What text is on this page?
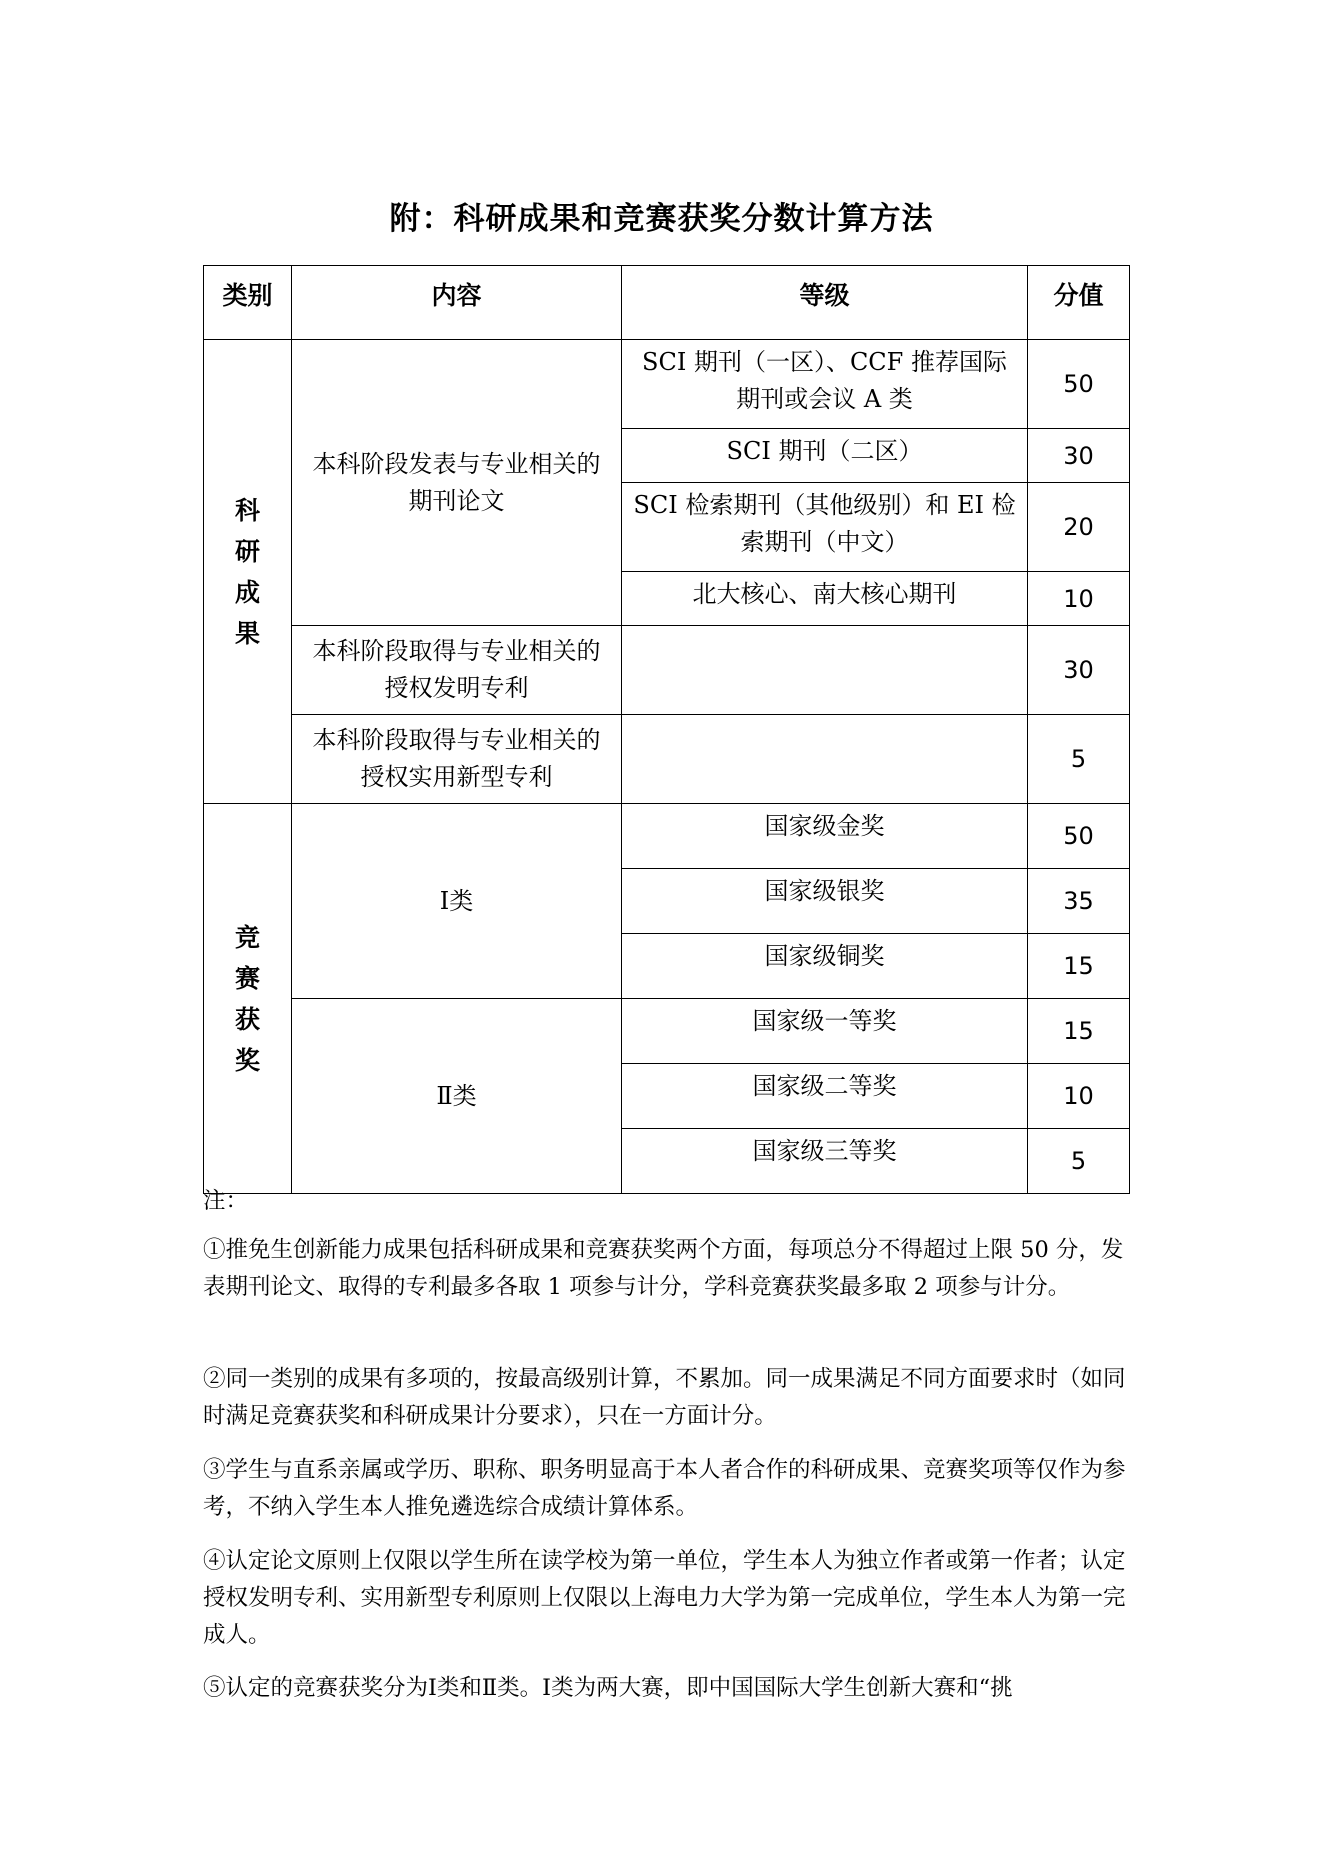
附：科研成果和竞赛获奖分数计算方法
类别	内容	等级	分值

科
研
成
果	本科阶段发表与专业相关的期刊论文	SCI 期刊（一区）、CCF 推荐国际期刊或会议 A 类	50
		SCI 期刊（二区）	30
		SCI 检索期刊（其他级别）和 EI 检索期刊（中文）	20
		北大核心、南大核心期刊	10
	本科阶段取得与专业相关的授权发明专利		30
	本科阶段取得与专业相关的授权实用新型专利		5

竞
赛
获
奖	Ⅰ类	国家级金奖	50
		国家级银奖	35
		国家级铜奖	15
	Ⅱ类	国家级一等奖	15
		国家级二等奖	10
		国家级三等奖	5
注：
①推免生创新能力成果包括科研成果和竞赛获奖两个方面，每项总分不得超过上限 50 分，发表期刊论文、取得的专利最多各取 1 项参与计分，学科竞赛获奖最多取 2 项参与计分。
②同一类别的成果有多项的，按最高级别计算，不累加。同一成果满足不同方面要求时（如同时满足竞赛获奖和科研成果计分要求），只在一方面计分。
③学生与直系亲属或学历、职称、职务明显高于本人者合作的科研成果、竞赛奖项等仅作为参考，不纳入学生本人推免遴选综合成绩计算体系。
④认定论文原则上仅限以学生所在读学校为第一单位，学生本人为独立作者或第一作者；认定授权发明专利、实用新型专利原则上仅限以上海电力大学为第一完成单位，学生本人为第一完成人。
⑤认定的竞赛获奖分为Ⅰ类和Ⅱ类。Ⅰ类为两大赛，即中国国际大学生创新大赛和“挑
